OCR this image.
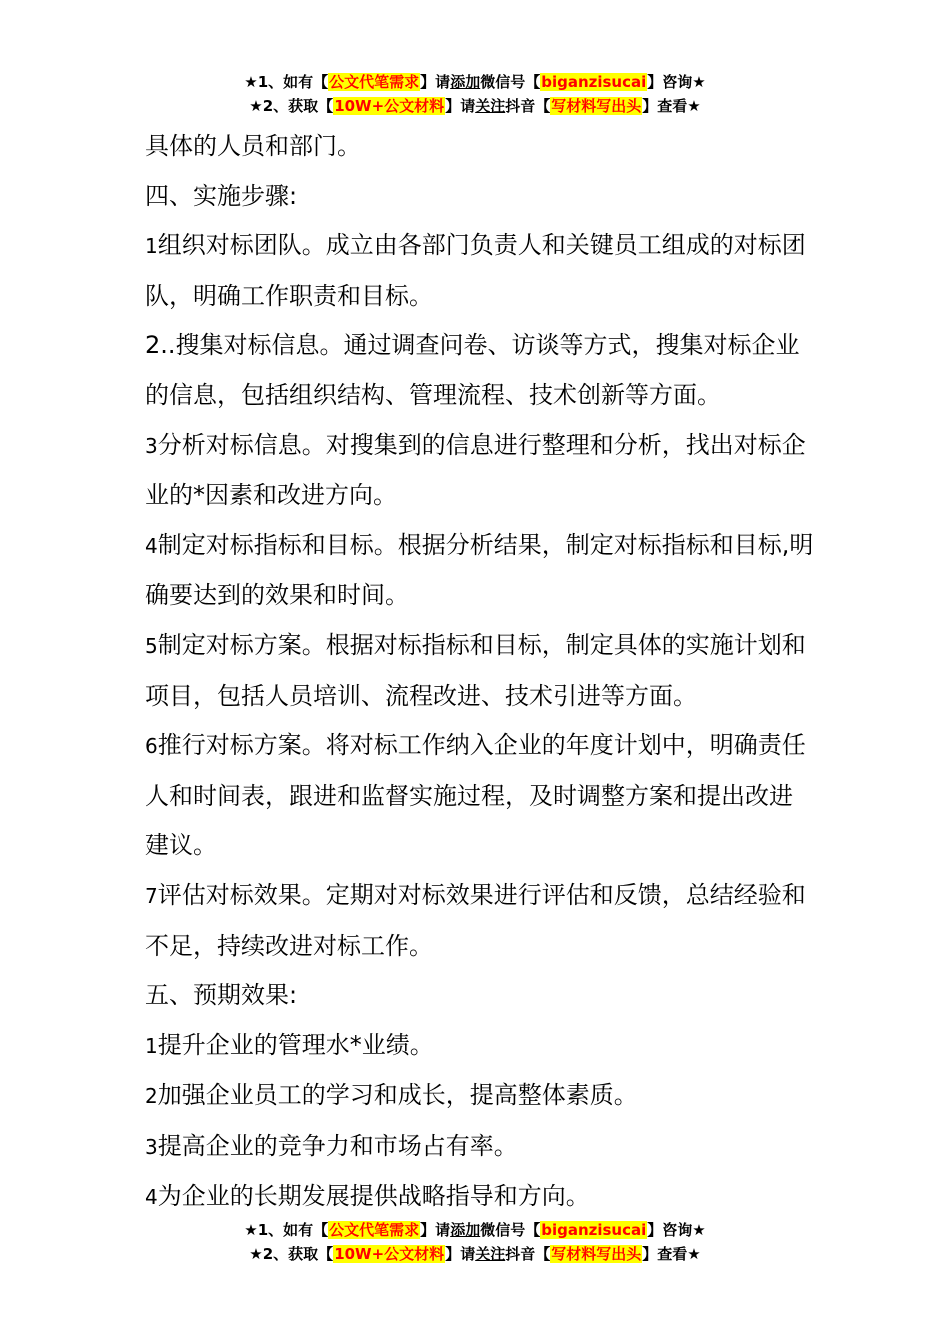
★1、如有【公文代笔需求】请添加微信号【biganzisucai】咨询★
★2、获取【10W+公文材料】请关注抖音【写材料写出头】查看★

具体的人员和部门。

四、实施步骤:

1组织对标团队。成立由各部门负责人和关键员工组成的对标团队，明确工作职责和目标。

2..搜集对标信息。通过调查问卷、访谈等方式，搜集对标企业的信息，包括组织结构、管理流程、技术创新等方面。

3分析对标信息。对搜集到的信息进行整理和分析，找出对标企业的*因素和改进方向。

4制定对标指标和目标。根据分析结果，制定对标指标和目标,明确要达到的效果和时间。

5制定对标方案。根据对标指标和目标，制定具体的实施计划和项目，包括人员培训、流程改进、技术引进等方面。

6推行对标方案。将对标工作纳入企业的年度计划中，明确责任人和时间表，跟进和监督实施过程，及时调整方案和提出改进建议。

7评估对标效果。定期对对标效果进行评估和反馈，总结经验和不足，持续改进对标工作。

五、预期效果:

1提升企业的管理水*业绩。

2加强企业员工的学习和成长，提高整体素质。

3提高企业的竞争力和市场占有率。

4为企业的长期发展提供战略指导和方向。

★1、如有【公文代笔需求】请添加微信号【biganzisucai】咨询★
★2、获取【10W+公文材料】请关注抖音【写材料写出头】查看★
